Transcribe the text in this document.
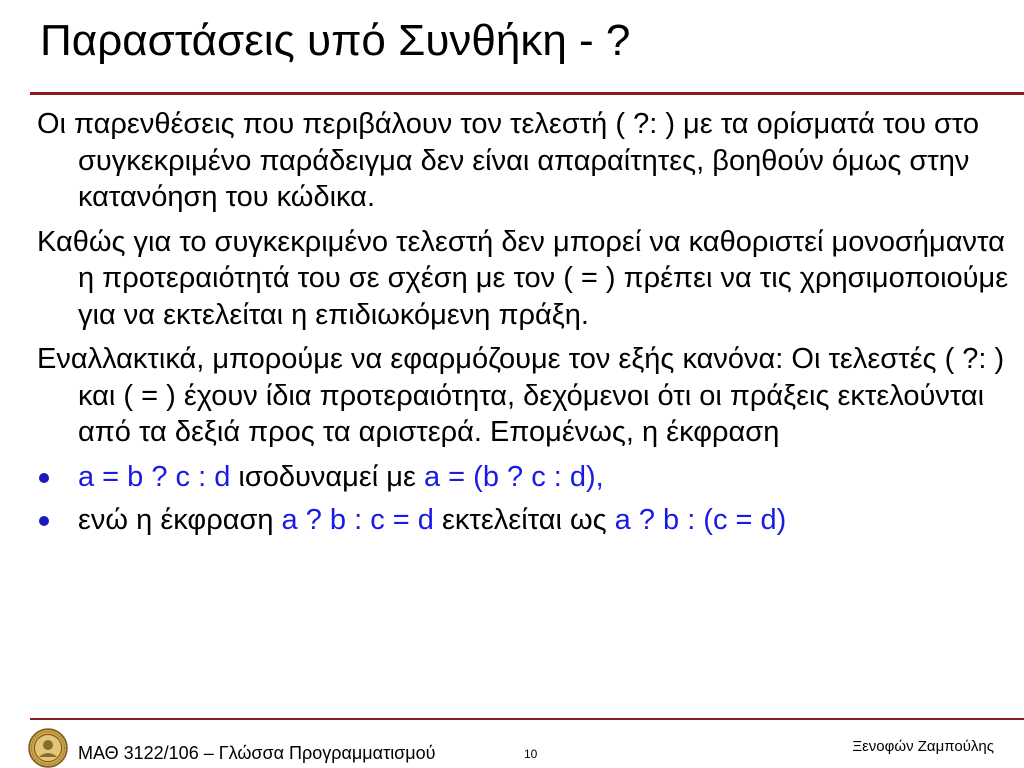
Παραστάσεις υπό Συνθήκη - ?

Οι παρενθέσεις που περιβάλουν τον τελεστή ( ?: ) με τα ορίσματά του στο συγκεκριμένο παράδειγμα δεν είναι απαραίτητες, βοηθούν όμως στην κατανόηση του κώδικα.

Καθώς για το συγκεκριμένο τελεστή δεν μπορεί να καθοριστεί μονοσήμαντα η προτεραιότητά του σε σχέση με τον ( = ) πρέπει να τις χρησιμοποιούμε για να εκτελείται η επιδιωκόμενη πράξη.

Εναλλακτικά, μπορούμε να εφαρμόζουμε τον εξής κανόνα: Οι τελεστές ( ?: ) και ( = ) έχουν ίδια προτεραιότητα, δεχόμενοι ότι οι πράξεις εκτελούνται από τα δεξιά προς τα αριστερά. Επομένως, η έκφραση

a = b ? c : d ισοδυναμεί με a = (b ? c : d),
ενώ η έκφραση a ? b : c = d εκτελείται ως a ? b : (c = d)
ΜΑΘ 3122/106 – Γλώσσα Προγραμματισμού	10	Ξενοφών Ζαμπούλης
